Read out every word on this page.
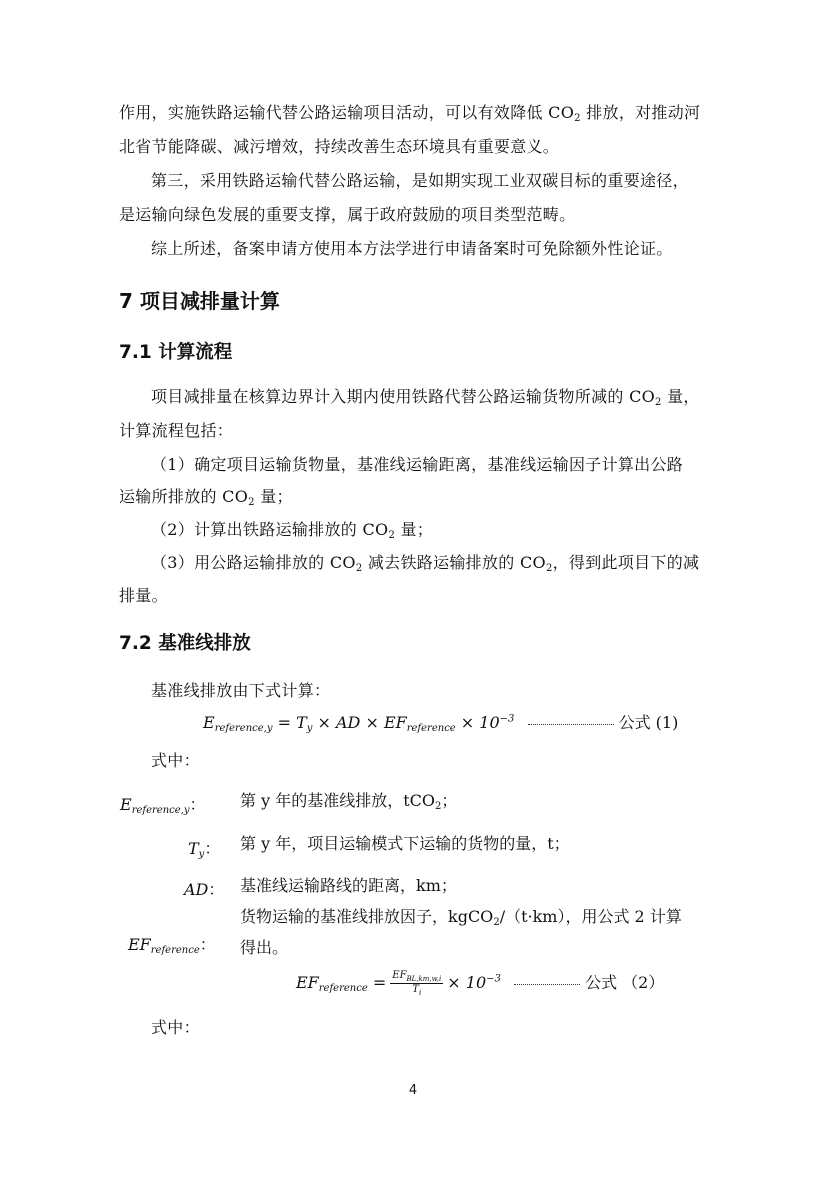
作用，实施铁路运输代替公路运输项目活动，可以有效降低 $CO_2$ 排放，对推动河
北省节能降碳、减污增效，持续改善生态环境具有重要意义。
第三，采用铁路运输代替公路运输，是如期实现工业双碳目标的重要途径，
是运输向绿色发展的重要支撑，属于政府鼓励的项目类型范畴。
综上所述，备案申请方使用本方法学进行申请备案时可免除额外性论证。
7 项目减排量计算
7.1 计算流程
项目减排量在核算边界计入期内使用铁路代替公路运输货物所减的 $CO_2$ 量，
计算流程包括：
（1）确定项目运输货物量，基准线运输距离，基准线运输因子计算出公路
运输所排放的 $CO_2$ 量；
（2）计算出铁路运输排放的 $CO_2$ 量；
（3）用公路运输排放的 $CO_2$ 减去铁路运输排放的 $CO_2$，得到此项目下的减
排量。
7.2 基准线排放
基准线排放由下式计算：
$E_{reference,y} = T_y$ × AD × $EF_{reference} \times 10^{-3}$	公式 (1)
式中：
$E_{reference,y}$： 第 y 年的基准线排放，tCO$_2$；
$T_y$： 第 y 年，项目运输模式下运输的货物的量，t；
AD： 基准线运输路线的距离，km；
$EF_{reference}$：
货物运输的基准线排放因子，kgCO$_2$/（t·km），用公式 2 计算
得出。
$EF_{reference} = \frac{EF_{BL,km,w,i}}{T_i} \times 10^{-3}$	公式 （2）
式中：
4
